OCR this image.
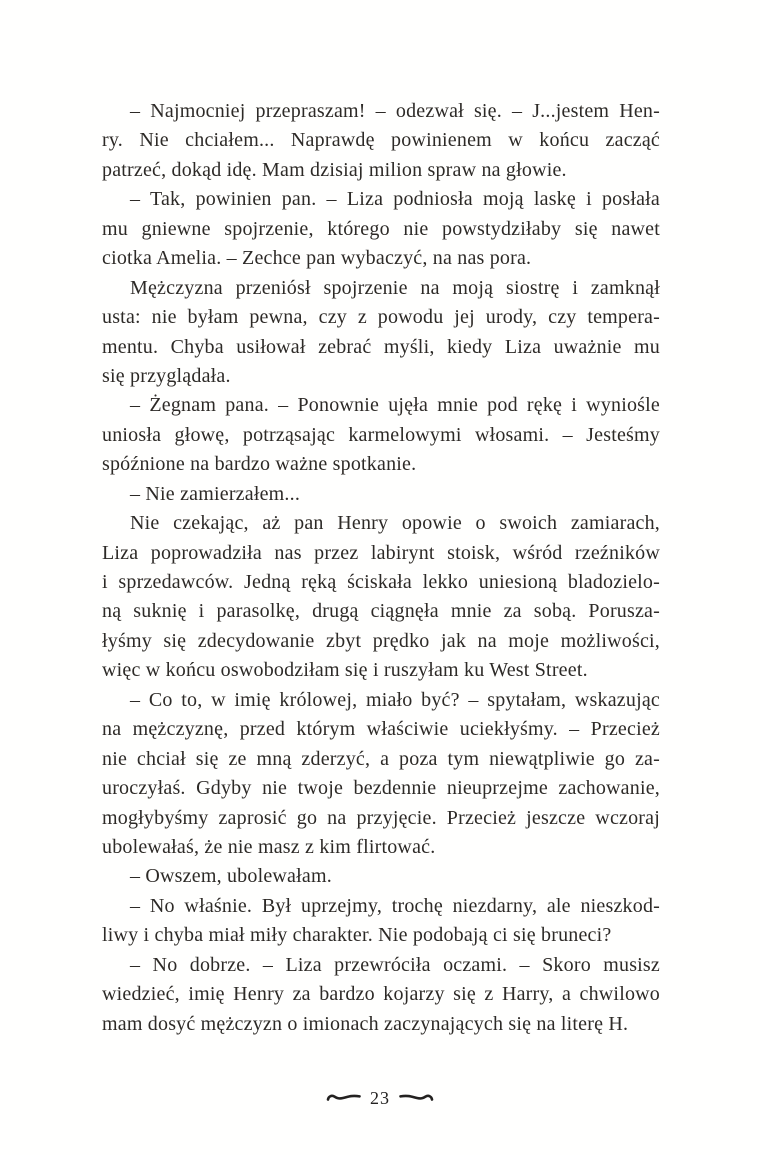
– Najmocniej przepraszam! – odezwał się. – J...jestem Hen-
ry. Nie chciałem... Naprawdę powinienem w końcu zacząć
patrzeć, dokąd idę. Mam dzisiaj milion spraw na głowie.
– Tak, powinien pan. – Liza podniosła moją laskę i posłała
mu gniewne spojrzenie, którego nie powstydziłaby się nawet
ciotka Amelia. – Zechce pan wybaczyć, na nas pora.
Mężczyzna przeniósł spojrzenie na moją siostrę i zamknął
usta: nie byłam pewna, czy z powodu jej urody, czy tempera-
mentu. Chyba usiłował zebrać myśli, kiedy Liza uważnie mu
się przyglądała.
– Żegnam pana. – Ponownie ujęła mnie pod rękę i wyniośle
uniosła głowę, potrząsając karmelowymi włosami. – Jesteśmy
spóźnione na bardzo ważne spotkanie.
– Nie zamierzałem...
Nie czekając, aż pan Henry opowie o swoich zamiarach,
Liza poprowadziła nas przez labirynt stoisk, wśród rzeźników
i sprzedawców. Jedną ręką ściskała lekko uniesioną bladozielo-
ną suknię i parasolkę, drugą ciągnęła mnie za sobą. Porusza-
łyśmy się zdecydowanie zbyt prędko jak na moje możliwości,
więc w końcu oswobodziłam się i ruszyłam ku West Street.
– Co to, w imię królowej, miało być? – spytałam, wskazując
na mężczyznę, przed którym właściwie uciekłyśmy. – Przecież
nie chciał się ze mną zderzyć, a poza tym niewątpliwie go za-
uroczyłaś. Gdyby nie twoje bezdennie nieuprzejme zachowanie,
mogłybyśmy zaprosić go na przyjęcie. Przecież jeszcze wczoraj
ubolewałaś, że nie masz z kim flirtować.
– Owszem, ubolewałam.
– No właśnie. Był uprzejmy, trochę niezdarny, ale nieszkod-
liwy i chyba miał miły charakter. Nie podobają ci się bruneci?
– No dobrze. – Liza przewróciła oczami. – Skoro musisz
wiedzieć, imię Henry za bardzo kojarzy się z Harry, a chwilowo
mam dosyć mężczyzn o imionach zaczynających się na literę H.
23
